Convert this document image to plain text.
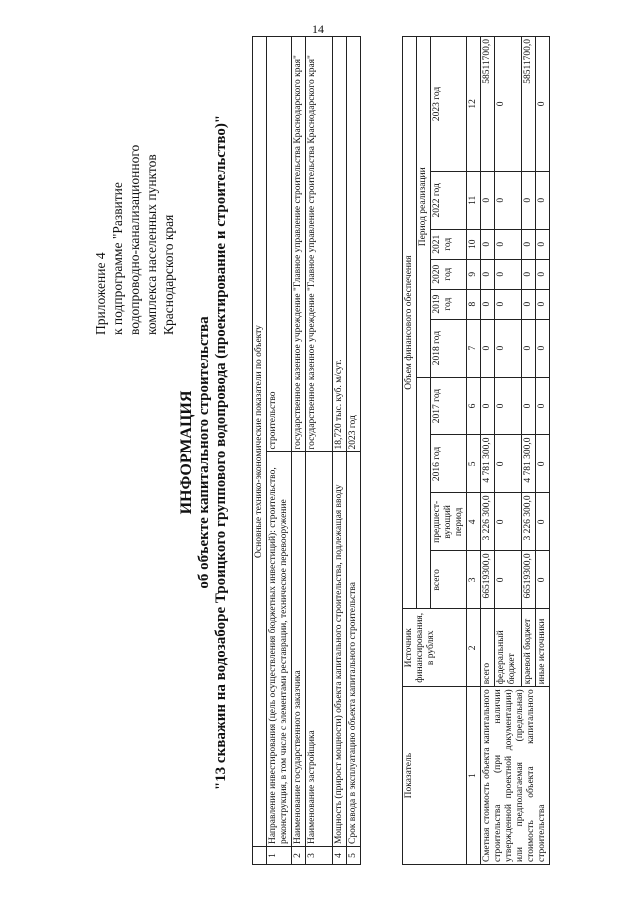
14
Приложение 4 к подпрограмме "Развитие водопроводно-канализационного комплекса населенных пунктов Краснодарского края
ИНФОРМАЦИЯ об объекте капитального строительства "13 скважин на водозаборе Троицкого группового водопровода (проектирование и строительство)"
		Основные технико-экономические показатели по объекту	
1	Направление инвестирования (цель осуществления бюджетных инвестиций): строительство, реконструкция, в том числе с элементами реставрации, техническое перевооружение	строительство
2	Наименование государственного заказчика	государственное казенное учреждение "Главное управление строительства Краснодарского края"
3	Наименование застройщика	государственное казенное учреждение "Главное управление строительства Краснодарского края"
4	Мощность (прирост мощности) объекта капитального строительства, подлежащая вводу	18,720 тыс. куб. м/сут.
5	Срок ввода в эксплуатацию объекта капитального строительства	2023 год
Показатель	Источник финансирования, в рублях	Объем финансового обеспечения									
						Период реализации					
		всего	предшест-вующий период	2016 год	2017 год	2018 год	2019 год	2020 год	2021 год	2022 год	2023 год
1	2	3	4	5	6	7	8	9	10	11	12
Сметная стоимость объекта капитального строительства (при наличии утвержденной проектной документации) или предполагаемая (предельная) стоимость объекта капитального строительства	всего	66519300,0	3 226 300,0	4 781 300,0	0	0	0	0	0	0	58511700,0
	федеральный бюджет	0	0	0	0	0	0	0	0	0	0
	краевой бюджет	66519300,0	3 226 300,0	4 781 300,0	0	0	0	0	0	0	58511700,0
	иные источники	0	0	0	0	0	0	0	0	0	0
